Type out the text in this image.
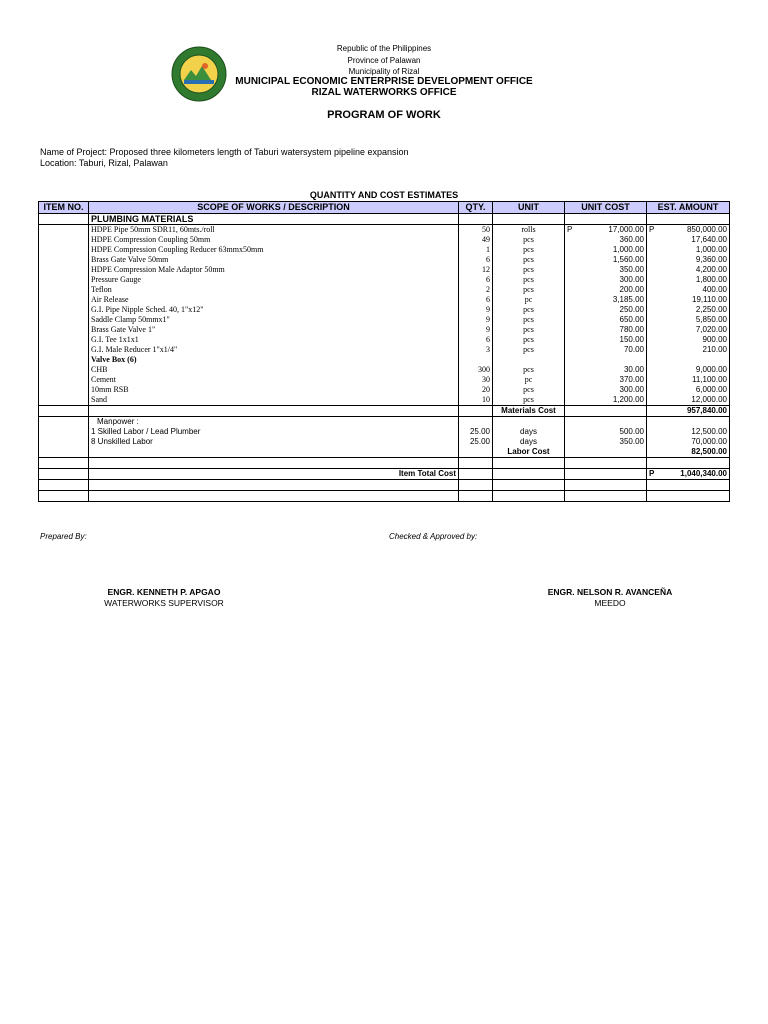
Republic of the Philippines
Province of Palawan
Municipality of Rizal
MUNICIPAL ECONOMIC ENTERPRISE DEVELOPMENT OFFICE
RIZAL WATERWORKS OFFICE
PROGRAM OF WORK
Name of Project: Proposed three kilometers length of Taburi watersystem pipeline expansion
Location: Taburi, Rizal, Palawan
QUANTITY AND COST ESTIMATES
ITEM NO.	SCOPE OF WORKS / DESCRIPTION	QTY.	UNIT	UNIT COST	EST. AMOUNT
	PLUMBING MATERIALS				
	HDPE Pipe 50mm SDR11, 60mts./roll	50	rolls	P 17,000.00	P 850,000.00

	HDPE Compression Coupling 50mm	49	pcs	360.00	17,640.00
	HDPE Compression Coupling Reducer 63mmx50mm	1	pcs	1,000.00	1,000.00
	Brass Gate Valve 50mm	6	pcs	1,560.00	9,360.00
	HDPE Compression Male Adaptor 50mm	12	pcs	350.00	4,200.00
	Pressure Gauge	6	pcs	300.00	1,800.00
	Teflon	2	pcs	200.00	400.00
	Air Release	6	pc	3,185.00	19,110.00
	G.I. Pipe Nipple Sched. 40, 1"x12"	9	pcs	250.00	2,250.00
	Saddle Clamp 50mmx1"	9	pcs	650.00	5,850.00
	Brass Gate Valve 1"	9	pcs	780.00	7,020.00
	G.I. Tee 1x1x1	6	pcs	150.00	900.00
	G.I. Male Reducer 1"x1/4"	3	pcs	70.00	210.00
	Valve Box (6)				
	CHB	300	pcs	30.00	9,000.00
	Cement	30	pc	370.00	11,100.00
	10mm RSB	20	pcs	300.00	6,000.00
	Sand	10	pcs	1,200.00	12,000.00
			Materials Cost		957,840.00
	Manpower :				
	1 Skilled Labor / Lead Plumber	25.00	days	500.00	12,500.00
	8 Unskilled Labor	25.00	days	350.00	70,000.00
			Labor Cost		82,500.00

	Item Total Cost				P 1,040,340.00

Prepared By:	Checked & Approved by:
ENGR. KENNETH P. APGAO
WATERWORKS SUPERVISOR
ENGR. NELSON R. AVANCEÑA
MEEDO
